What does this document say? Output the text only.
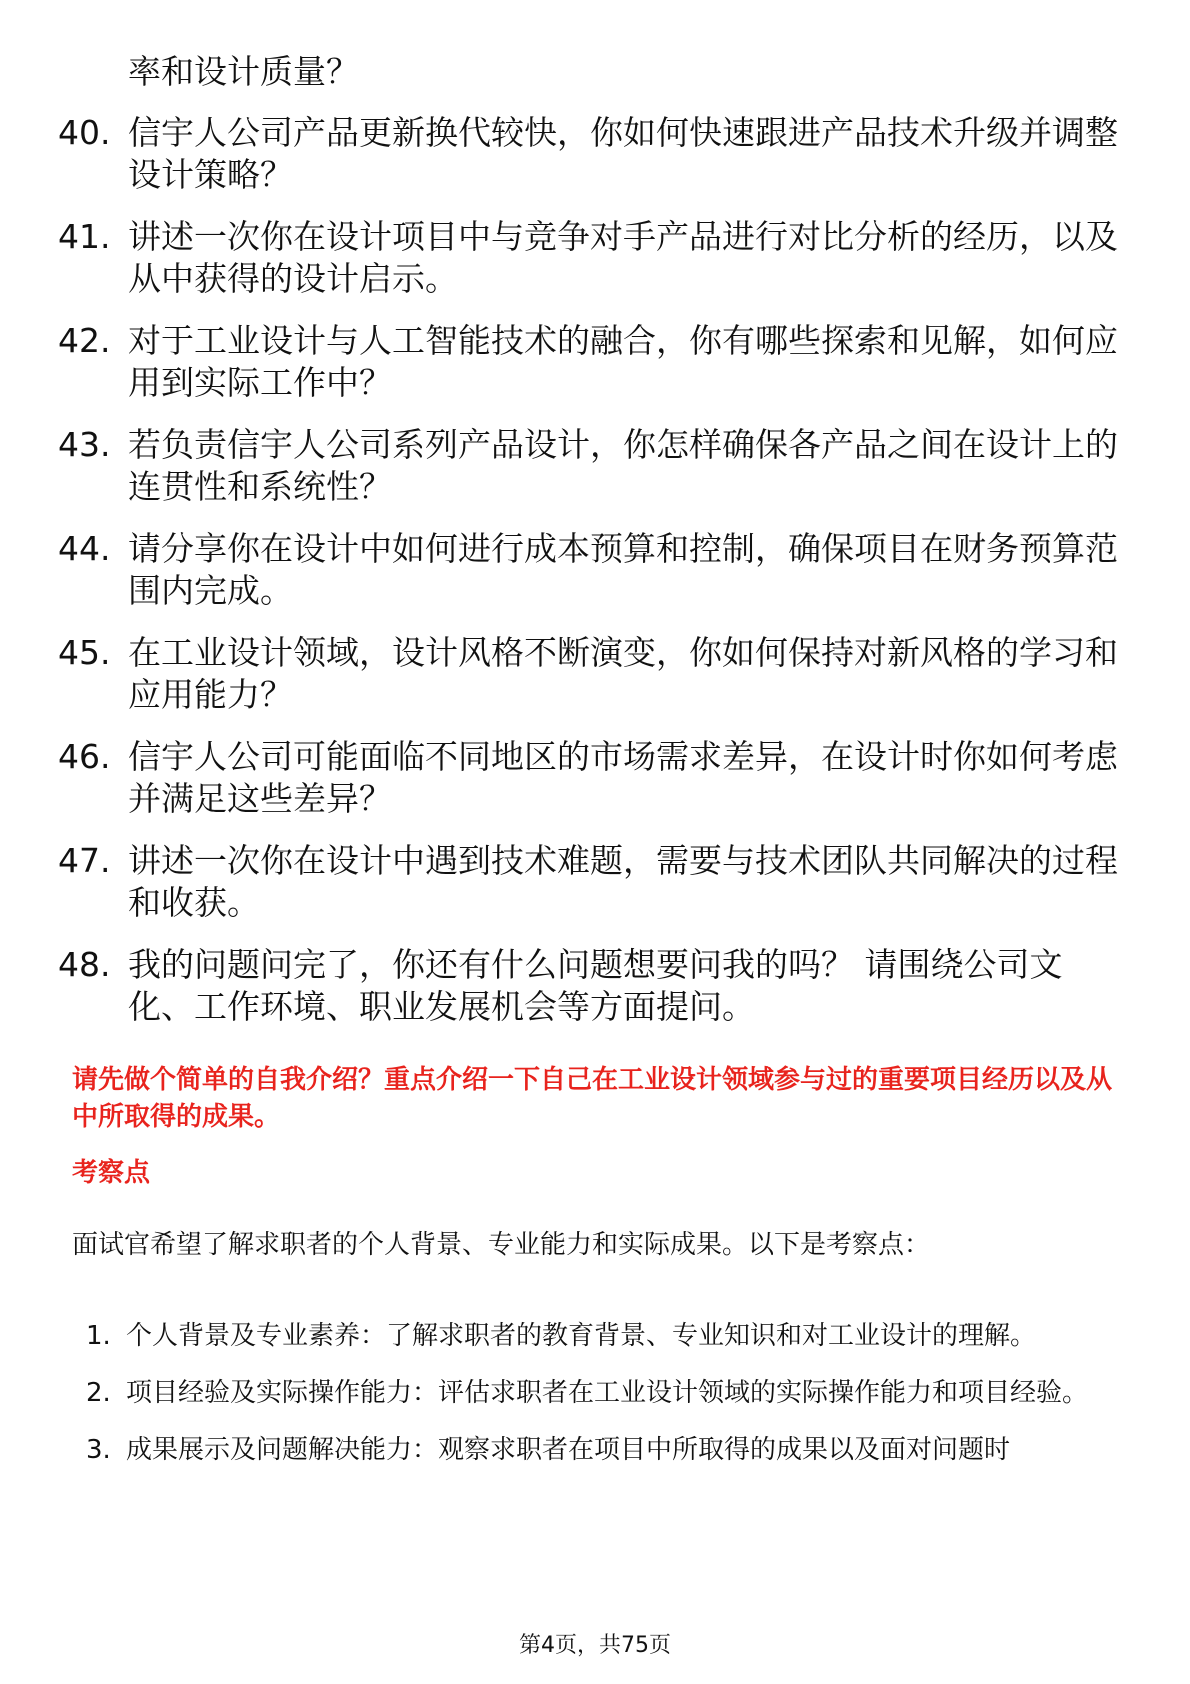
率和设计质量？

40. 信宇人公司产品更新换代较快，你如何快速跟进产品技术升级并调整设计策略？
41. 讲述一次你在设计项目中与竞争对手产品进行对比分析的经历，以及从中获得的设计启示。
42. 对于工业设计与人工智能技术的融合，你有哪些探索和见解，如何应用到实际工作中？
43. 若负责信宇人公司系列产品设计，你怎样确保各产品之间在设计上的连贯性和系统性？
44. 请分享你在设计中如何进行成本预算和控制，确保项目在财务预算范围内完成。
45. 在工业设计领域，设计风格不断演变，你如何保持对新风格的学习和应用能力？
46. 信宇人公司可能面临不同地区的市场需求差异，在设计时你如何考虑并满足这些差异？
47. 讲述一次你在设计中遇到技术难题，需要与技术团队共同解决的过程和收获。
48. 我的问题问完了，你还有什么问题想要问我的吗？ 请围绕公司文化、工作环境、职业发展机会等方面提问。

请先做个简单的自我介绍？重点介绍一下自己在工业设计领域参与过的重要项目经历以及从中所取得的成果。

考察点

面试官希望了解求职者的个人背景、专业能力和实际成果。以下是考察点：

1. 个人背景及专业素养：了解求职者的教育背景、专业知识和对工业设计的理解。
2. 项目经验及实际操作能力：评估求职者在工业设计领域的实际操作能力和项目经验。
3. 成果展示及问题解决能力：观察求职者在项目中所取得的成果以及面对问题时

第4页，共75页
